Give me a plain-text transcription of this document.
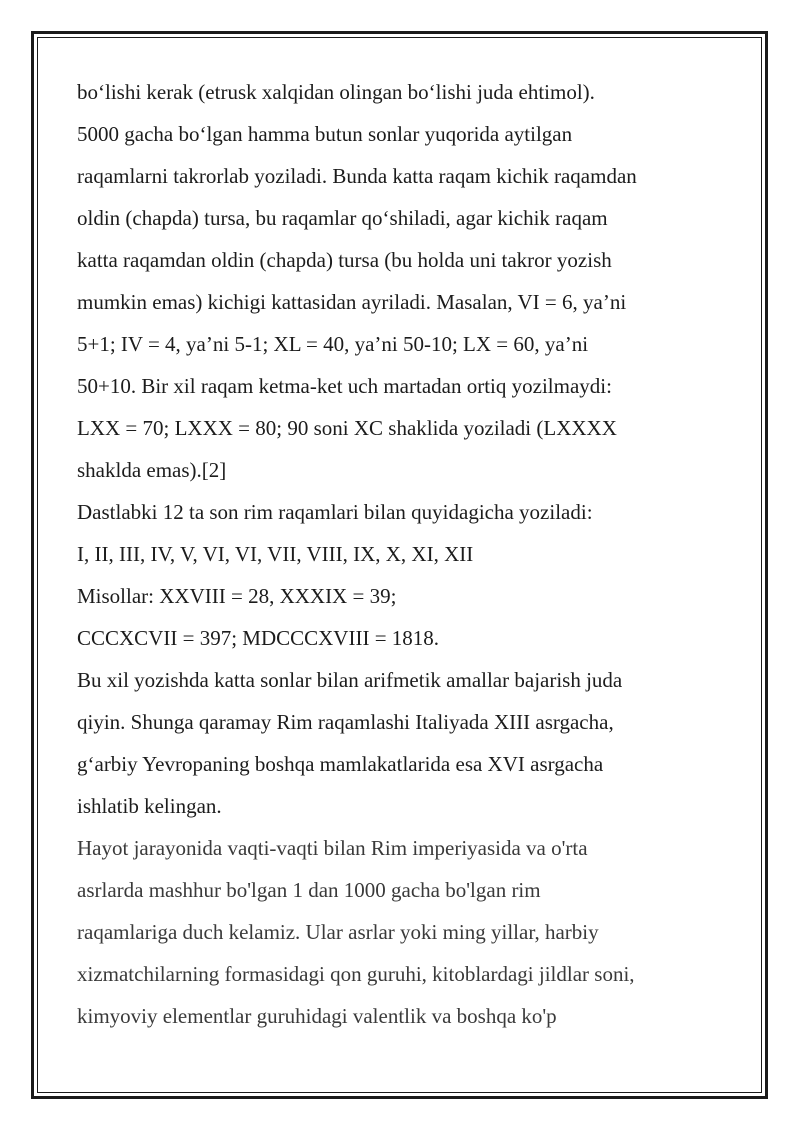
bo‘lishi kerak (etrusk xalqidan olingan bo‘lishi juda ehtimol).
5000 gacha bo‘lgan hamma butun sonlar yuqorida aytilgan
raqamlarni takrorlab yoziladi. Bunda katta raqam kichik raqamdan
oldin (chapda) tursa, bu raqamlar qo‘shiladi, agar kichik raqam
katta raqamdan oldin (chapda) tursa (bu holda uni takror yozish
mumkin emas) kichigi kattasidan ayriladi. Masalan, VI = 6, ya’ni
5+1; IV = 4, ya’ni 5-1; XL = 40, ya’ni 50-10; LX = 60, ya’ni
50+10. Bir xil raqam ketma-ket uch martadan ortiq yozilmaydi:
LXX = 70; LXXX = 80; 90 soni XC shaklida yoziladi (LXXXX
shakldа emas).[2]
Dastlabki 12 ta son rim raqamlari bilan quyidagicha yoziladi:
I, II, III, IV, V, VI, VI, VII, VIII, IX, X, XI, XII
Misollar: XXVIII = 28, XXXIX = 39;
CCCXCVII = 397; MDCCCXVIII = 1818.
Bu xil yozishda katta sonlar bilan arifmetik amallar bajarish juda
qiyin. Shunga qaramay Rim raqamlashi Italiyada XIII asrgacha,
g‘arbiy Yevropaning boshqa mamlakatlarida esa XVI asrgacha
ishlatib kelingan.
Hayot jarayonida vaqti-vaqti bilan Rim imperiyasida va o'rta
asrlarda mashhur bo'lgan 1 dan 1000 gacha bo'lgan rim
raqamlariga duch kelamiz. Ular asrlar yoki ming yillar, harbiy
xizmatchilarning formasidagi qon guruhi, kitoblardagi jildlar soni,
kimyoviy elementlar guruhidagi valentlik va boshqa ko'p
